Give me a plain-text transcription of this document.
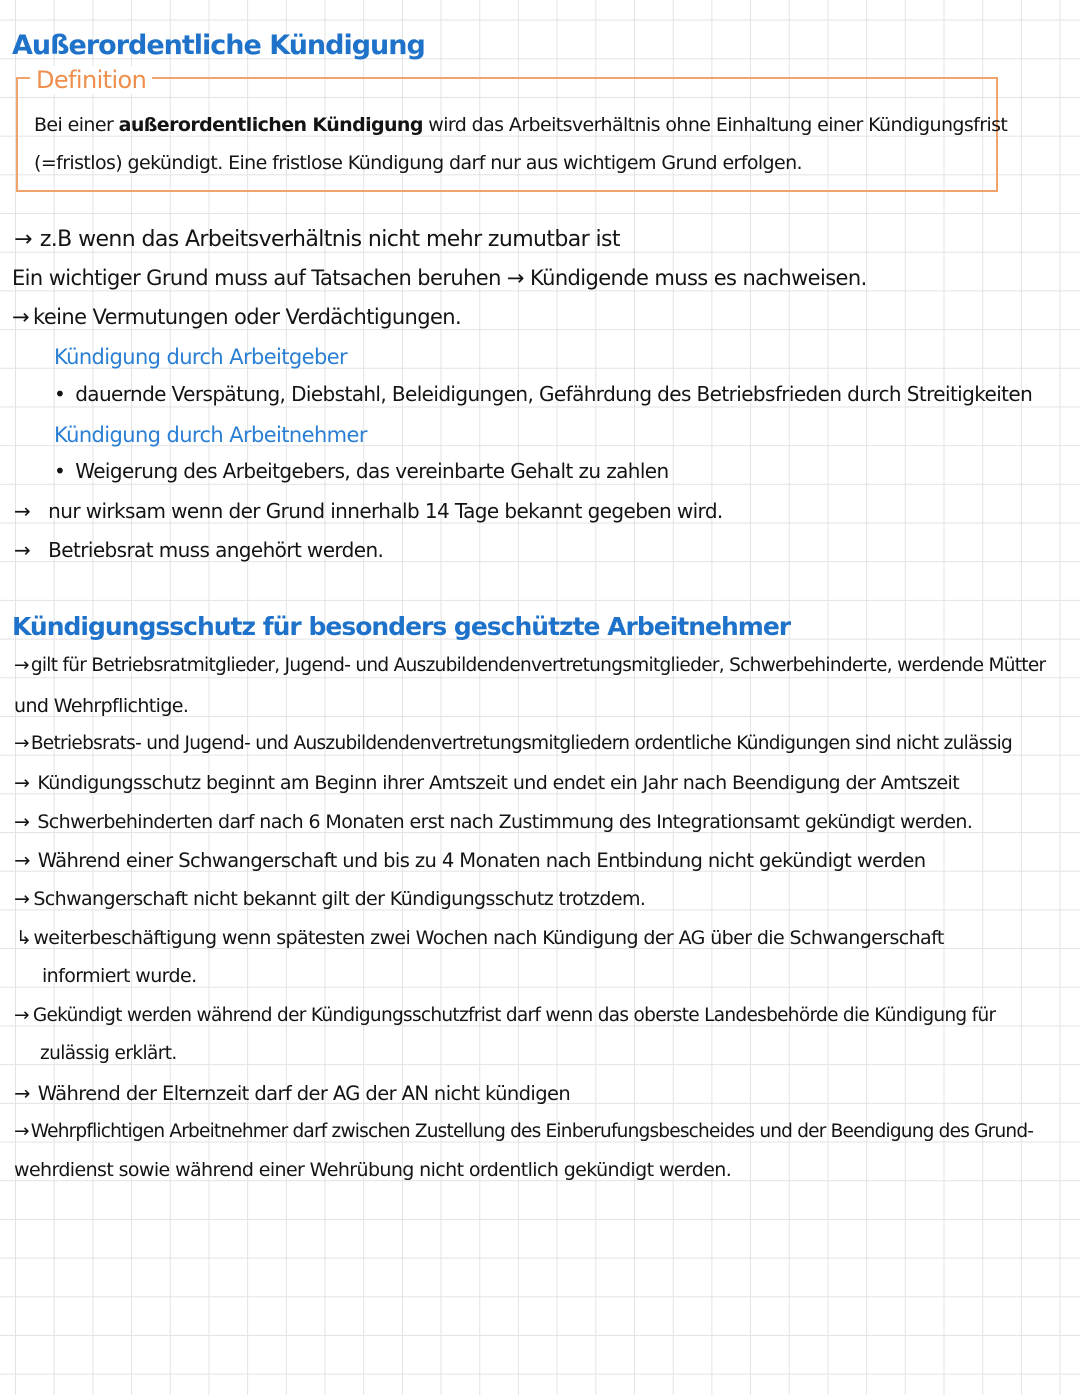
Außerordentliche Kündigung
Definition
Bei einer außerordentlichen Kündigung wird das Arbeitsverhältnis ohne Einhaltung einer Kündigungsfrist
(=fristlos) gekündigt. Eine fristlose Kündigung darf nur aus wichtigem Grund erfolgen.
→ z.B wenn das Arbeitsverhältnis nicht mehr zumutbar ist
Ein wichtiger Grund muss auf Tatsachen beruhen → Kündigende muss es nachweisen.
→ keine Vermutungen oder Verdächtigungen.
Kündigung durch Arbeitgeber
• dauernde Verspätung, Diebstahl, Beleidigungen, Gefährdung des Betriebsfrieden durch Streitigkeiten
Kündigung durch Arbeitnehmer
• Weigerung des Arbeitgebers, das vereinbarte Gehalt zu zahlen
→ nur wirksam wenn der Grund innerhalb 14 Tage bekannt gegeben wird.
→ Betriebsrat muss angehört werden.
Kündigungsschutz für besonders geschützte Arbeitnehmer
→ gilt für Betriebsratmitglieder, Jugend- und Auszubildendenvertretungsmitglieder, Schwerbehinderte, werdende Mütter
und Wehrpflichtige.
→ Betriebsrats- und Jugend- und Auszubildendenvertretungsmitgliedern ordentliche Kündigungen sind nicht zulässig
→ Kündigungsschutz beginnt am Beginn ihrer Amtszeit und endet ein Jahr nach Beendigung der Amtszeit
→ Schwerbehinderten darf nach 6 Monaten erst nach Zustimmung des Integrationsamt gekündigt werden.
→ Während einer Schwangerschaft und bis zu 4 Monaten nach Entbindung nicht gekündigt werden
→ Schwangerschaft nicht bekannt gilt der Kündigungsschutz trotzdem.
↳ weiterbeschäftigung wenn spätesten zwei Wochen nach Kündigung der AG über die Schwangerschaft
informiert wurde.
→ Gekündigt werden während der Kündigungsschutzfrist darf wenn das oberste Landesbehörde die Kündigung für
zulässig erklärt.
→ Während der Elternzeit darf der AG der AN nicht kündigen
→ Wehrpflichtigen Arbeitnehmer darf zwischen Zustellung des Einberufungsbescheides und der Beendigung des Grund-
wehrdienst sowie während einer Wehrübung nicht ordentlich gekündigt werden.
